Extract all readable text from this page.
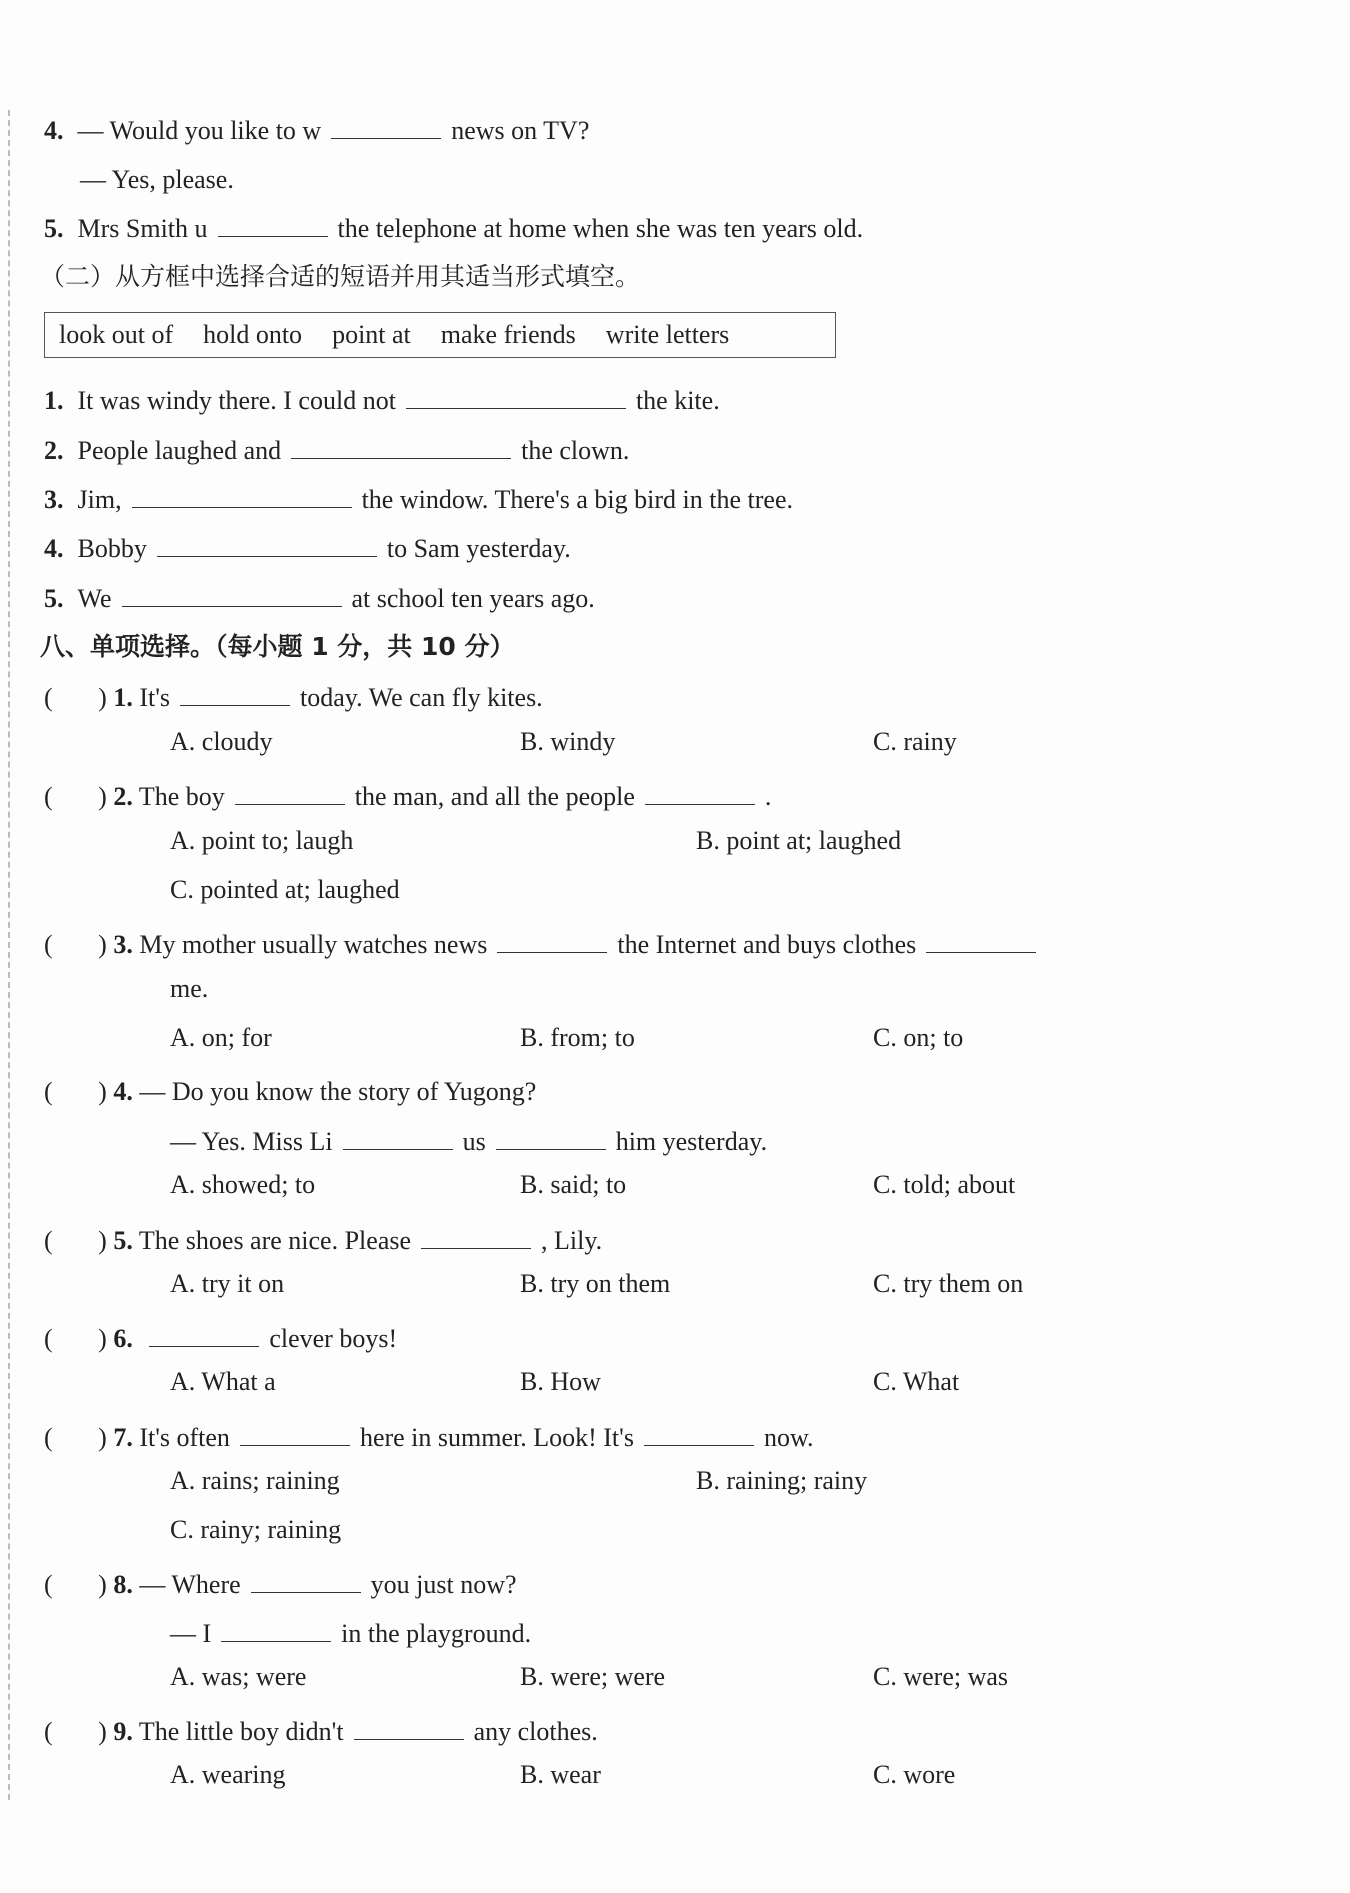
4. — Would you like to w	news on TV?
— Yes, please.
5. Mrs Smith u	the telephone at home when she was ten years old.
（二）从方框中选择合适的短语并用其适当形式填空。
look out of hold onto point at make friends write letters
1. It was windy there. I could not	the kite.
2. People laughed and	the clown.
3. Jim,	the window. There's a big bird in the tree.
4. Bobby	to Sam yesterday.
5. We	at school ten years ago.
八、单项选择。（每小题 1 分，共 10 分）
(       ) 1. It's	today. We can fly kites.
A. cloudy	B. windy	C. rainy
(       ) 2. The boy	the man, and all the people	.
A. point to; laugh	B. point at; laughed
C. pointed at; laughed
(       ) 3. My mother usually watches news	the Internet and buys clothes
me.
A. on; for	B. from; to	C. on; to
(       ) 4. — Do you know the story of Yugong?
— Yes. Miss Li	us	him yesterday.
A. showed; to	B. said; to	C. told; about
(       ) 5. The shoes are nice. Please	, Lily.
A. try it on	B. try on them	C. try them on
(       ) 6.	clever boys!
A. What a	B. How	C. What
(       ) 7. It's often	here in summer. Look! It's	now.
A. rains; raining	B. raining; rainy
C. rainy; raining
(       ) 8. — Where	you just now?
— I	in the playground.
A. was; were	B. were; were	C. were; was
(       ) 9. The little boy didn't	any clothes.
A. wearing	B. wear	C. wore
